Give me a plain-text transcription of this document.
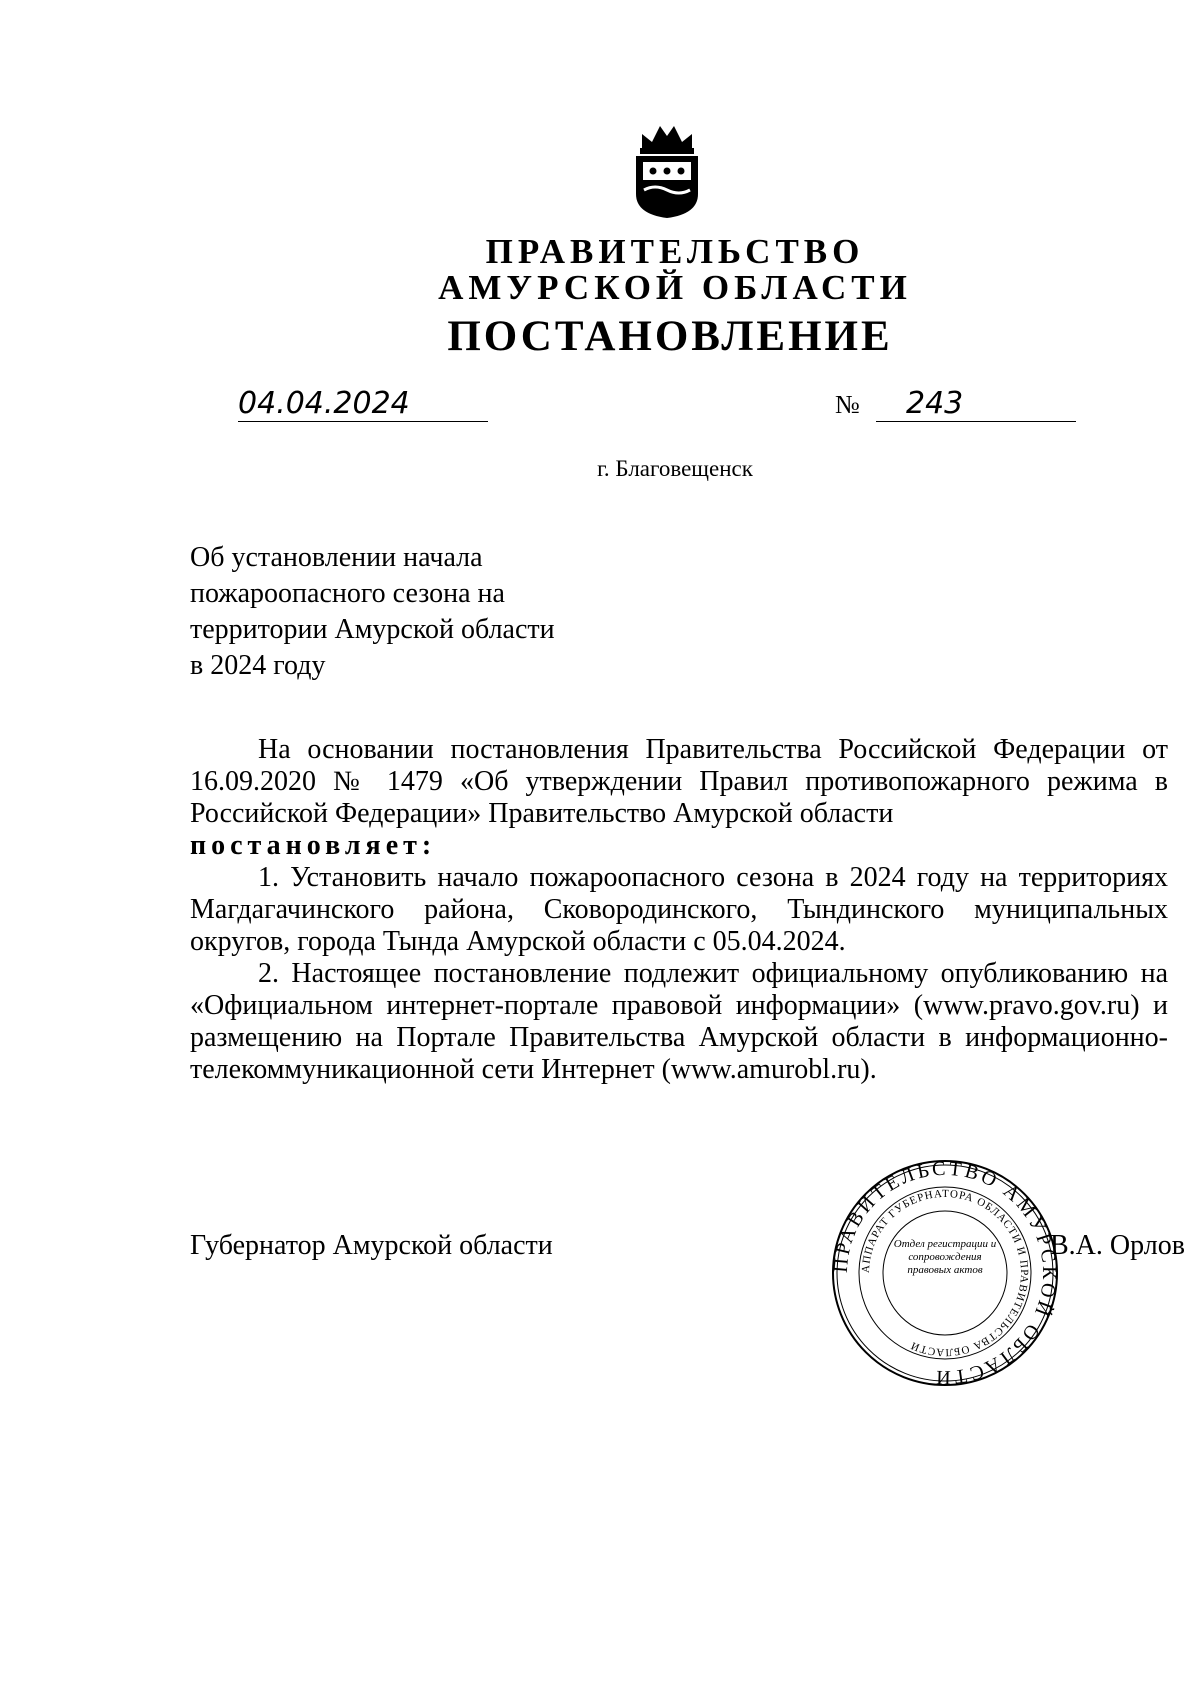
ПРАВИТЕЛЬСТВО
АМУРСКОЙ ОБЛАСТИ
ПОСТАНОВЛЕНИЕ
04.04.2024	№ 243
г. Благовещенск
Об установлении начала
пожароопасного сезона на
территории Амурской области
в 2024 году

На основании постановления Правительства Российской Федерации от 16.09.2020 № 1479 «Об утверждении Правил противопожарного режима в Российской Федерации» Правительство Амурской области

постановляет:

1. Установить начало пожароопасного сезона в 2024 году на территориях Магдагачинского района, Сковородинского, Тындинского муниципальных округов, города Тында Амурской области с 05.04.2024.

2. Настоящее постановление подлежит официальному опубликованию на «Официальном интернет-портале правовой информации» (www.pravo.gov.ru) и размещению на Портале Правительства Амурской области в информационно-телекоммуникационной сети Интернет (www.amurobl.ru).

Губернатор Амурской области	В.А. Орлов
ПРАВИТЕЛЬСТВО АМУРСКОЙ ОБЛАСТИ
АППАРАТ ГУБЕРНАТОРА ОБЛАСТИ И ПРАВИТЕЛЬСТВА ОБЛАСТИ
Отдел регистрации и сопровождения правовых актов
